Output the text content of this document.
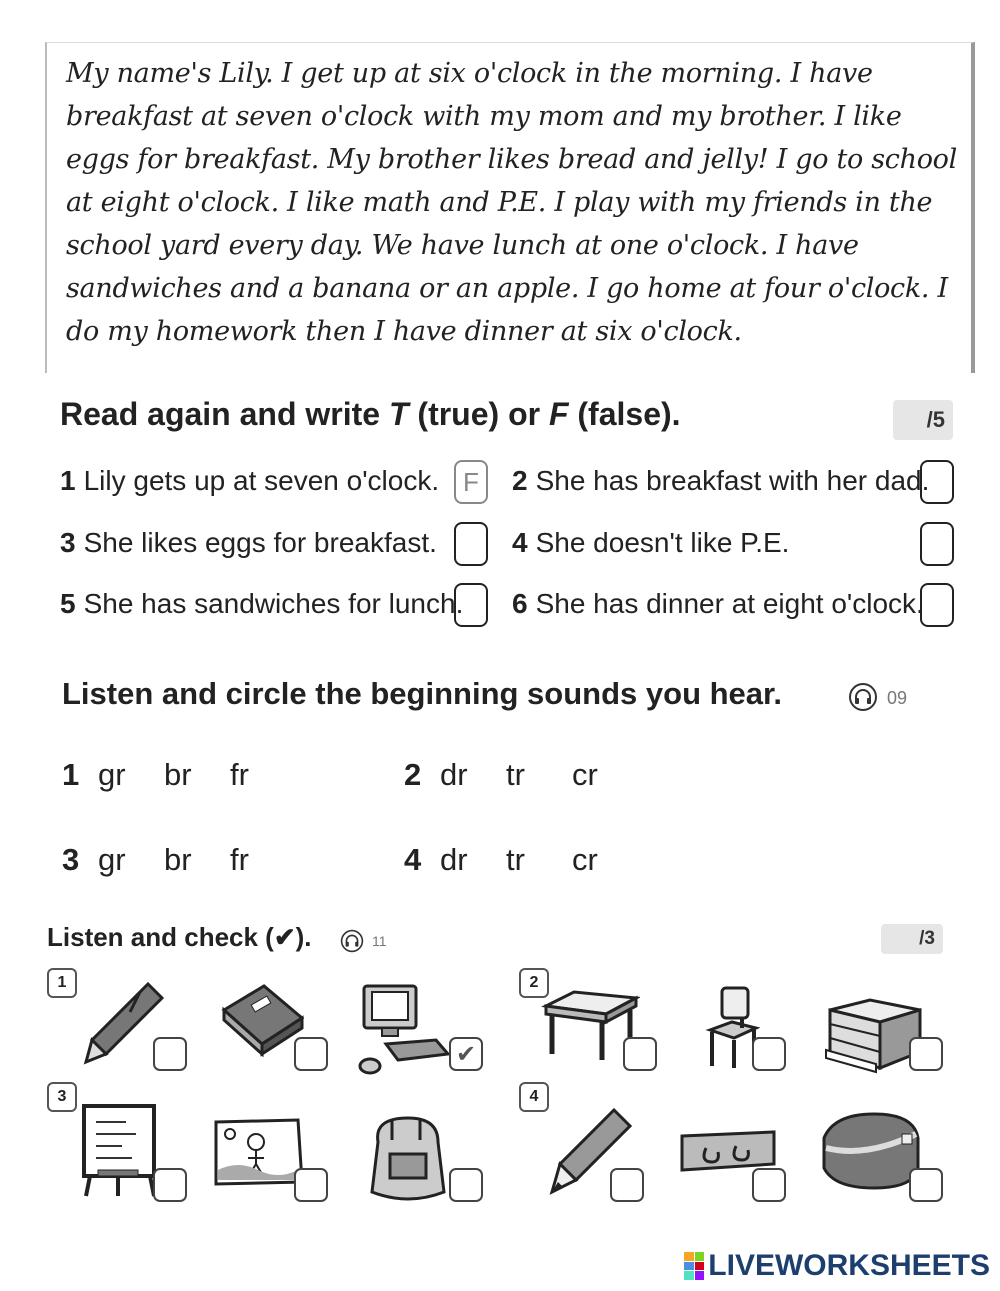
My name's Lily. I get up at six o'clock in the morning. I have breakfast at seven o'clock with my mom and my brother. I like eggs for breakfast. My brother likes bread and jelly! I go to school at eight o'clock. I like math and P.E. I play with my friends in the school yard every day. We have lunch at one o'clock. I have sandwiches and a banana or an apple. I go home at four o'clock. I do my homework then I have dinner at six o'clock.

Read again and write T (true) or F (false).	/5
1 Lily gets up at seven o'clock. F	2 She has breakfast with her dad.
3 She likes eggs for breakfast.	4 She doesn't like P.E.
5 She has sandwiches for lunch. 6 She has dinner at eight o'clock.
Listen and circle the beginning sounds you hear.	09
1 gr	br	fr	2 dr	tr	cr
3 gr	br	fr	4 dr	tr	cr
Listen and check (✔).	11	/3
1	2
3	4
✔
LIVEWORKSHEETS
